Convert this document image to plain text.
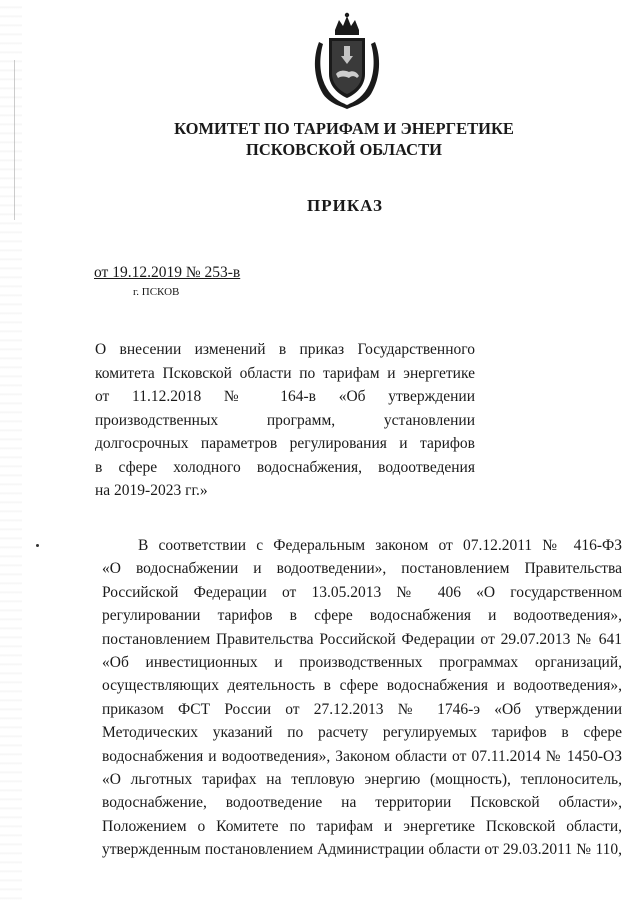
КОМИТЕТ ПО ТАРИФАМ И ЭНЕРГЕТИКЕ
ПСКОВСКОЙ ОБЛАСТИ
ПРИКАЗ
от 19.12.2019 № 253-в
г. ПСКОВ
О внесении изменений в приказ Государственного
комитета Псковской области по тарифам и энергетике
от 11.12.2018 № 164-в «Об утверждении
производственных программ, установлении
долгосрочных параметров регулирования и тарифов
в сфере холодного водоснабжения, водоотведения
на 2019-2023 гг.»
В соответствии с Федеральным законом от 07.12.2011 № 416-ФЗ
«О водоснабжении и водоотведении», постановлением Правительства
Российской Федерации от 13.05.2013 № 406 «О государственном
регулировании тарифов в сфере водоснабжения и водоотведения»,
постановлением Правительства Российской Федерации от 29.07.2013 № 641
«Об инвестиционных и производственных программах организаций,
осуществляющих деятельность в сфере водоснабжения и водоотведения»,
приказом ФСТ России от 27.12.2013 № 1746-э «Об утверждении
Методических указаний по расчету регулируемых тарифов в сфере
водоснабжения и водоотведения», Законом области от 07.11.2014 № 1450-ОЗ
«О льготных тарифах на тепловую энергию (мощность), теплоноситель,
водоснабжение, водоотведение на территории Псковской области»,
Положением о Комитете по тарифам и энергетике Псковской области,
утвержденным постановлением Администрации области от 29.03.2011 № 110,
